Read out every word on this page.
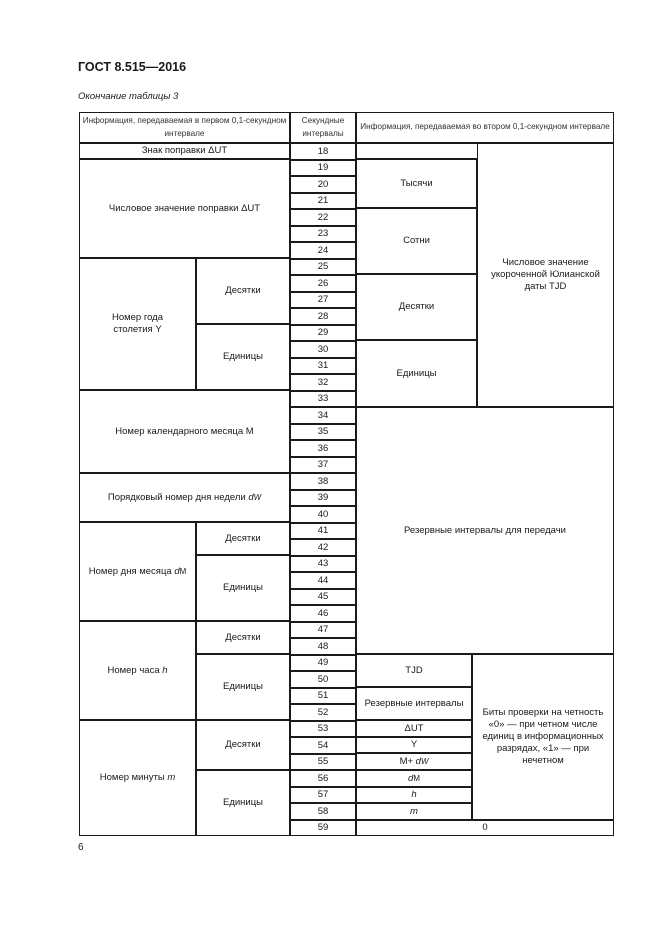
ГОСТ 8.515—2016
Окончание таблицы 3
Информация, передаваемая в первом 0,1-секундном интервале
Секундные интервалы
Информация, передаваемая во втором 0,1-секундном интервале
18
19
20
21
22
23
24
25
26
27
28
29
30
31
32
33
34
35
36
37
38
39
40
41
42
43
44
45
46
47
48
49
50
51
52
53
54
55
56
57
58
59
Знак поправки ΔUT
Числовое значение поправки ΔUT
Номер года столетия Y
Десятки
Единицы
Номер календарного месяца M
Порядковый номер дня недели
d W
Номер дня месяца
d M
Десятки
Единицы
Номер часа
h
Десятки
Единицы
Номер минуты
m
Десятки
Единицы
Тысячи
Сотни
Десятки
Единицы
Числовое значение укороченной Юлианской даты TJD
Резервные интервалы для передачи
TJD
Резервные интервалы
ΔUT
Y
M+
d W
d M
h
m
Биты проверки на четность «0» — при четном числе единиц в информационных разрядах, «1» — при нечетном
0
6
